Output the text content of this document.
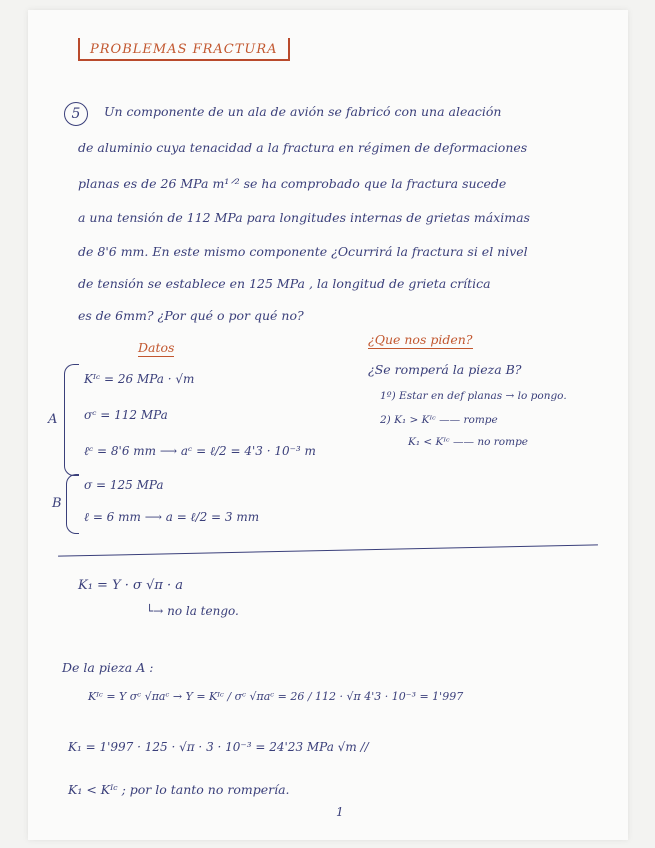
PROBLEMAS FRACTURA
5	Un componente de un ala de avión se fabricó con una aleación
de aluminio cuya tenacidad a la fractura en régimen de deformaciones
planas es de 26 MPa m¹ᐟ² se ha comprobado que la fractura sucede
a una tensión de 112 MPa para longitudes internas de grietas máximas
de 8'6 mm. En este mismo componente ¿Ocurrirá la fractura si el nivel
de tensión se establece en 125 MPa , la longitud de grieta crítica
es de 6mm? ¿Por qué o por qué no?
Datos
¿Que nos piden?
¿Se romperá la pieza B?
1º) Estar en def planas → lo pongo.
2) K₁ > Kᴵᶜ —— rompe
K₁ < Kᴵᶜ —— no rompe
A
Kᴵᶜ = 26 MPa · √m
σᶜ = 112 MPa
ℓᶜ = 8'6 mm ⟶ aᶜ = ℓ/2 = 4'3 · 10⁻³ m
B
σ = 125 MPa
ℓ = 6 mm ⟶ a = ℓ/2 = 3 mm
K₁ = Y · σ √π · a
└→ no la tengo.
De la pieza A :
Kᴵᶜ = Y σᶜ √πaᶜ → Y = Kᴵᶜ / σᶜ √πaᶜ = 26 / 112 · √π 4'3 · 10⁻³ = 1'997
K₁ = 1'997 · 125 · √π · 3 · 10⁻³ = 24'23 MPa √m //
K₁ < Kᴵᶜ ; por lo tanto no rompería.
1
